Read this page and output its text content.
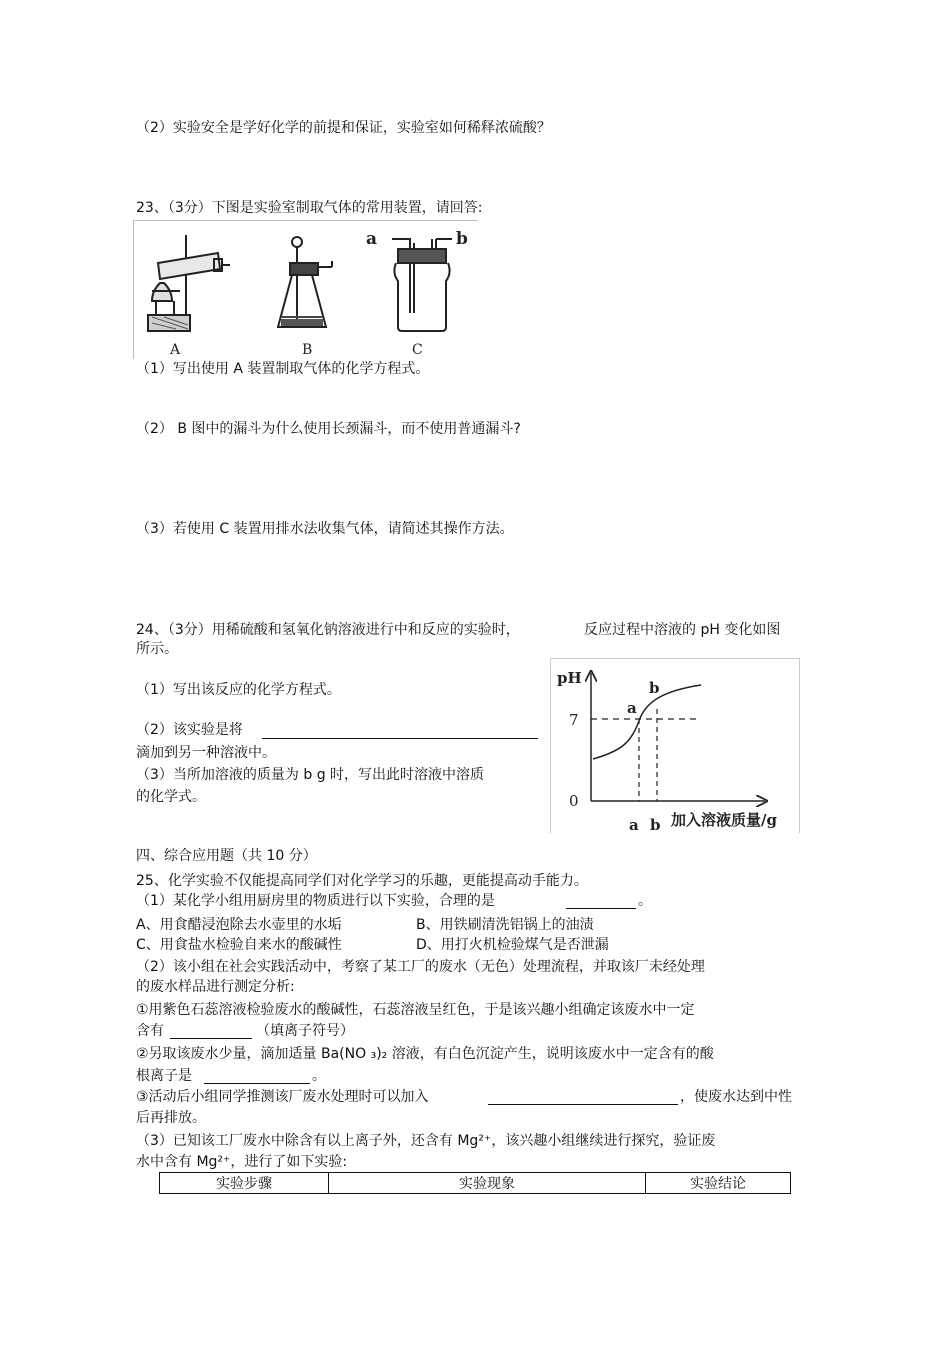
（2）实验安全是学好化学的前提和保证，实验室如何稀释浓硫酸？
23、（3分）下图是实验室制取气体的常用装置，请回答:
A	B
a	b
C
（1）写出使用 A 装置制取气体的化学方程式。
（2） B 图中的漏斗为什么使用长颈漏斗，而不使用普通漏斗?
（3）若使用 C 装置用排水法收集气体，请简述其操作方法。
24、（3分）用稀硫酸和氢氧化钠溶液进行中和反应的实验时，	反应过程中溶液的 pH 变化如图
所示。
（1）写出该反应的化学方程式。
（2）该实验是将
滴加到另一种溶液中。
（3）当所加溶液的质量为 b g 时，写出此时溶液中溶质
的化学式。
pH
7
0
a
b
a b 加入溶液质量/g
四、综合应用题（共 10 分）
25、化学实验不仅能提高同学们对化学学习的乐趣，更能提高动手能力。
（1）某化学小组用厨房里的物质进行以下实验，合理的是	。
A、用食醋浸泡除去水壶里的水垢	B、用铁刷清洗铝锅上的油渍
C、用食盐水检验自来水的酸碱性	D、用打火机检验煤气是否泄漏
（2）该小组在社会实践活动中，考察了某工厂的废水（无色）处理流程，并取该厂未经处理
的废水样品进行测定分析:
①用紫色石蕊溶液检验废水的酸碱性，石蕊溶液呈红色，于是该兴趣小组确定该废水中一定
含有	（填离子符号）
②另取该废水少量，滴加适量 Ba(NO ₃)₂ 溶液，有白色沉淀产生，说明该废水中一定含有的酸
根离子是	。
③活动后小组同学推测该厂废水处理时可以加入	，使废水达到中性
后再排放。
（3）已知该工厂废水中除含有以上离子外，还含有 Mg²⁺，该兴趣小组继续进行探究，验证废
水中含有 Mg²⁺，进行了如下实验:
实验步骤	实验现象	实验结论
